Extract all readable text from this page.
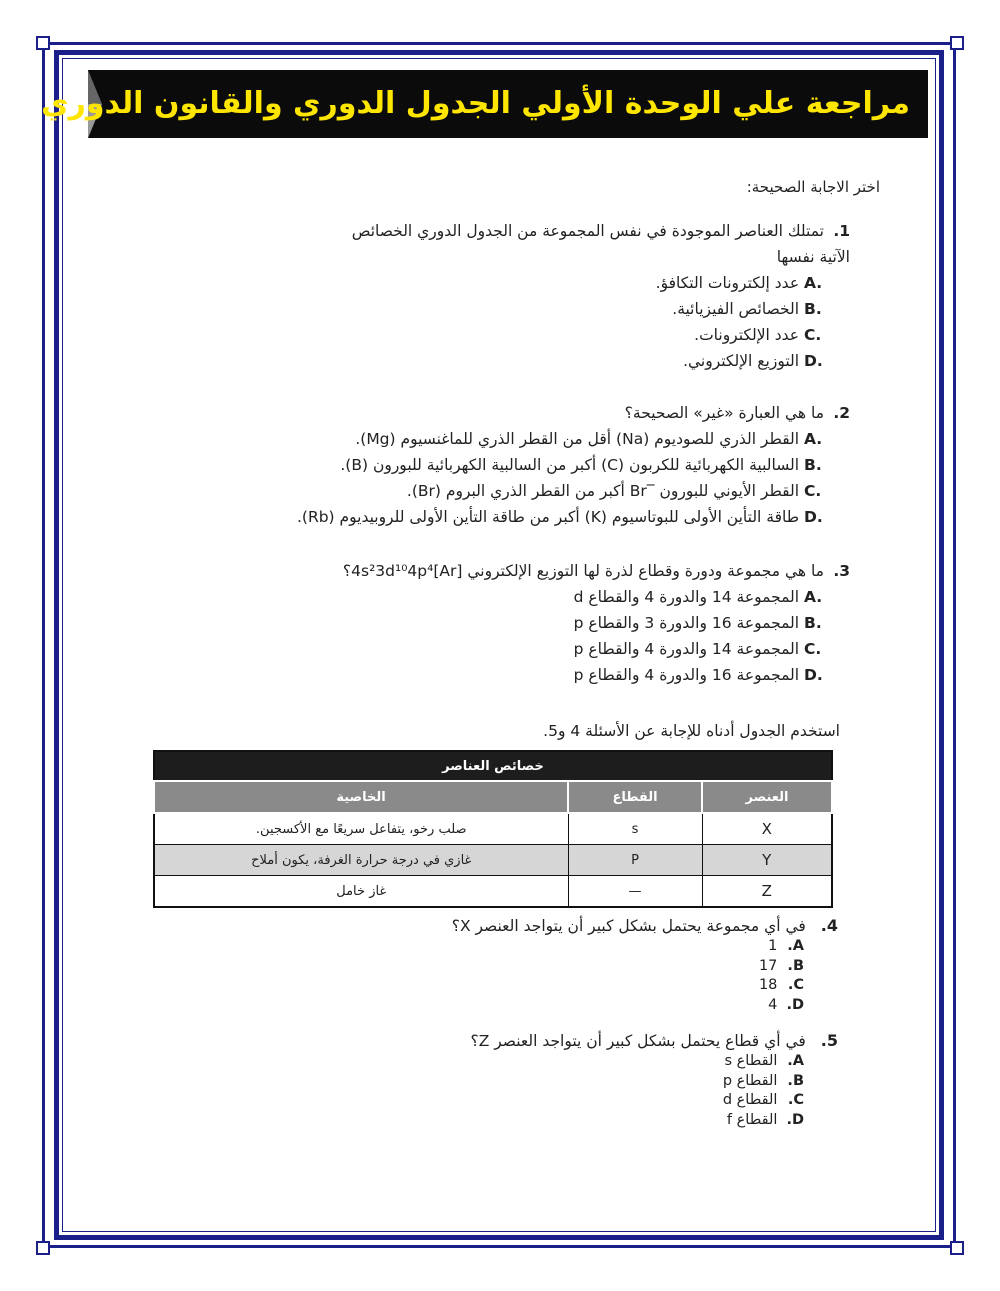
مراجعة علي الوحدة الأولي الجدول الدوري والقانون الدوري
اختر الاجابة الصحيحة:
1.
تمتلك العناصر الموجودة في نفس المجموعة من الجدول الدوري الخصائص
الآتية نفسها
A. عدد إلكترونات التكافؤ.
B. الخصائص الفيزيائية.
C. عدد الإلكترونات.
D. التوزيع الإلكتروني.
2.
ما هي العبارة «غير» الصحيحة؟
A. القطر الذري للصوديوم (Na) أقل من القطر الذري للماغنسيوم (Mg).
B. السالبية الكهربائية للكربون (C) أكبر من السالبية الكهربائية للبورون (B).
C. القطر الأيوني للبورون ‾Br أكبر من القطر الذري البروم (Br).
D. طاقة التأين الأولى للبوتاسيوم (K) أكبر من طاقة التأين الأولى للروبيديوم (Rb).
3.
ما هي مجموعة ودورة وقطاع لذرة لها التوزيع الإلكتروني [Ar]4s²3d¹⁰4p⁴؟
A. المجموعة 14 والدورة 4 والقطاع d
B. المجموعة 16 والدورة 3 والقطاع p
C. المجموعة 14 والدورة 4 والقطاع p
D. المجموعة 16 والدورة 4 والقطاع p
استخدم الجدول أدناه للإجابة عن الأسئلة 4 و5.
خصائص العناصر		
العنصر	القطاع	الخاصية
X	s	صلب رخو، يتفاعل سريعًا مع الأكسجين.
Y	P	غازي في درجة حرارة الغرفة، يكون أملاح
Z	—	غاز خامل
4. في أي مجموعة يحتمل بشكل كبير أن يتواجد العنصر X؟
A. 1
B. 17
C. 18
D. 4
5. في أي قطاع يحتمل بشكل كبير أن يتواجد العنصر Z؟
A. القطاع s
B. القطاع p
C. القطاع d
D. القطاع f
